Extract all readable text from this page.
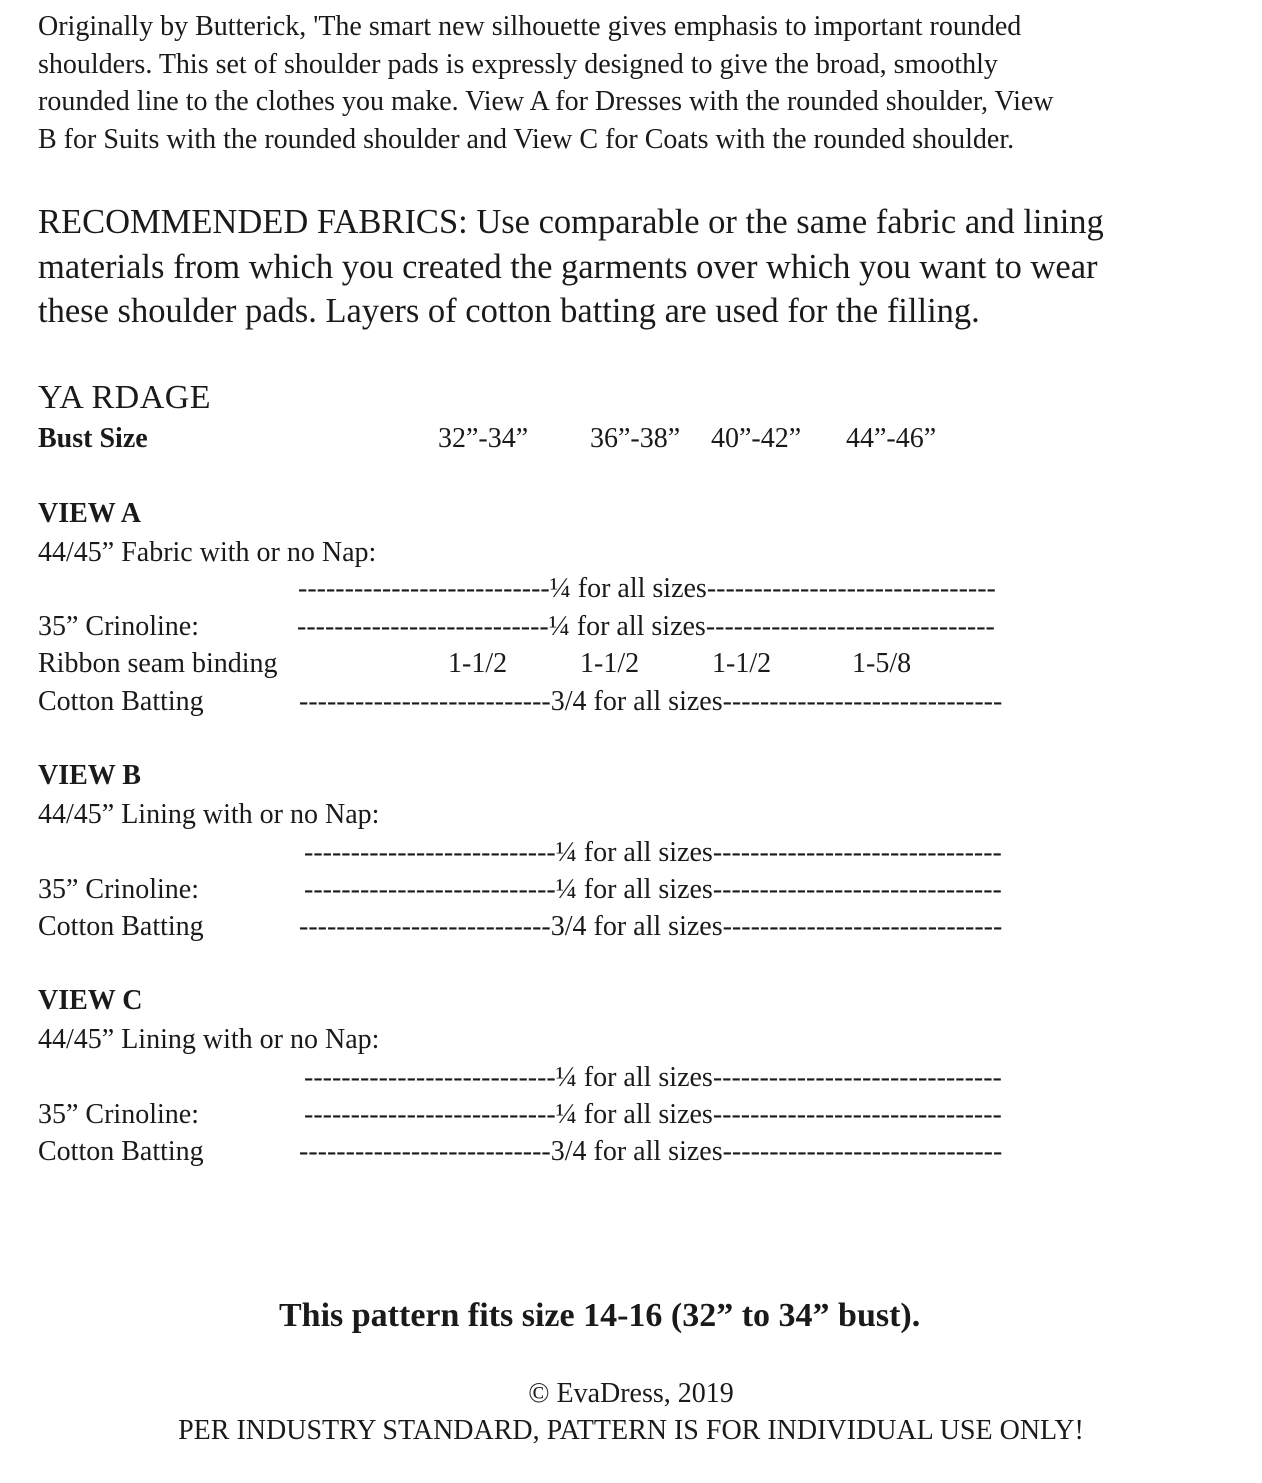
Originally by Butterick, 'The smart new silhouette gives emphasis to important rounded
shoulders. This set of shoulder pads is expressly designed to give the broad, smoothly
rounded line to the clothes you make. View A for Dresses with the rounded shoulder, View
B for Suits with the rounded shoulder and View C for Coats with the rounded shoulder.
RECOMMENDED FABRICS: Use comparable or the same fabric and lining
materials from which you created the garments over which you want to wear
these shoulder pads. Layers of cotton batting are used for the filling.
YA RDAGE
Bust Size	32”-34” 36”-38” 40”-42” 44”-46”
VIEW A
44/45” Fabric with or no Nap:
---------------------------¼ for all sizes-------------------------------
35” Crinoline:	---------------------------¼ for all sizes-------------------------------
Ribbon seam binding	1-1/2	1-1/2	1-1/2	1-5/8
Cotton Batting	---------------------------3/4 for all sizes------------------------------
VIEW B
44/45” Lining with or no Nap:
---------------------------¼ for all sizes-------------------------------
35” Crinoline:	---------------------------¼ for all sizes-------------------------------
Cotton Batting	---------------------------3/4 for all sizes------------------------------
VIEW C
44/45” Lining with or no Nap:
---------------------------¼ for all sizes-------------------------------
35” Crinoline:	---------------------------¼ for all sizes-------------------------------
Cotton Batting	---------------------------3/4 for all sizes------------------------------
This pattern fits size 14-16 (32” to 34” bust).
© EvaDress, 2019
PER INDUSTRY STANDARD, PATTERN IS FOR INDIVIDUAL USE ONLY!
